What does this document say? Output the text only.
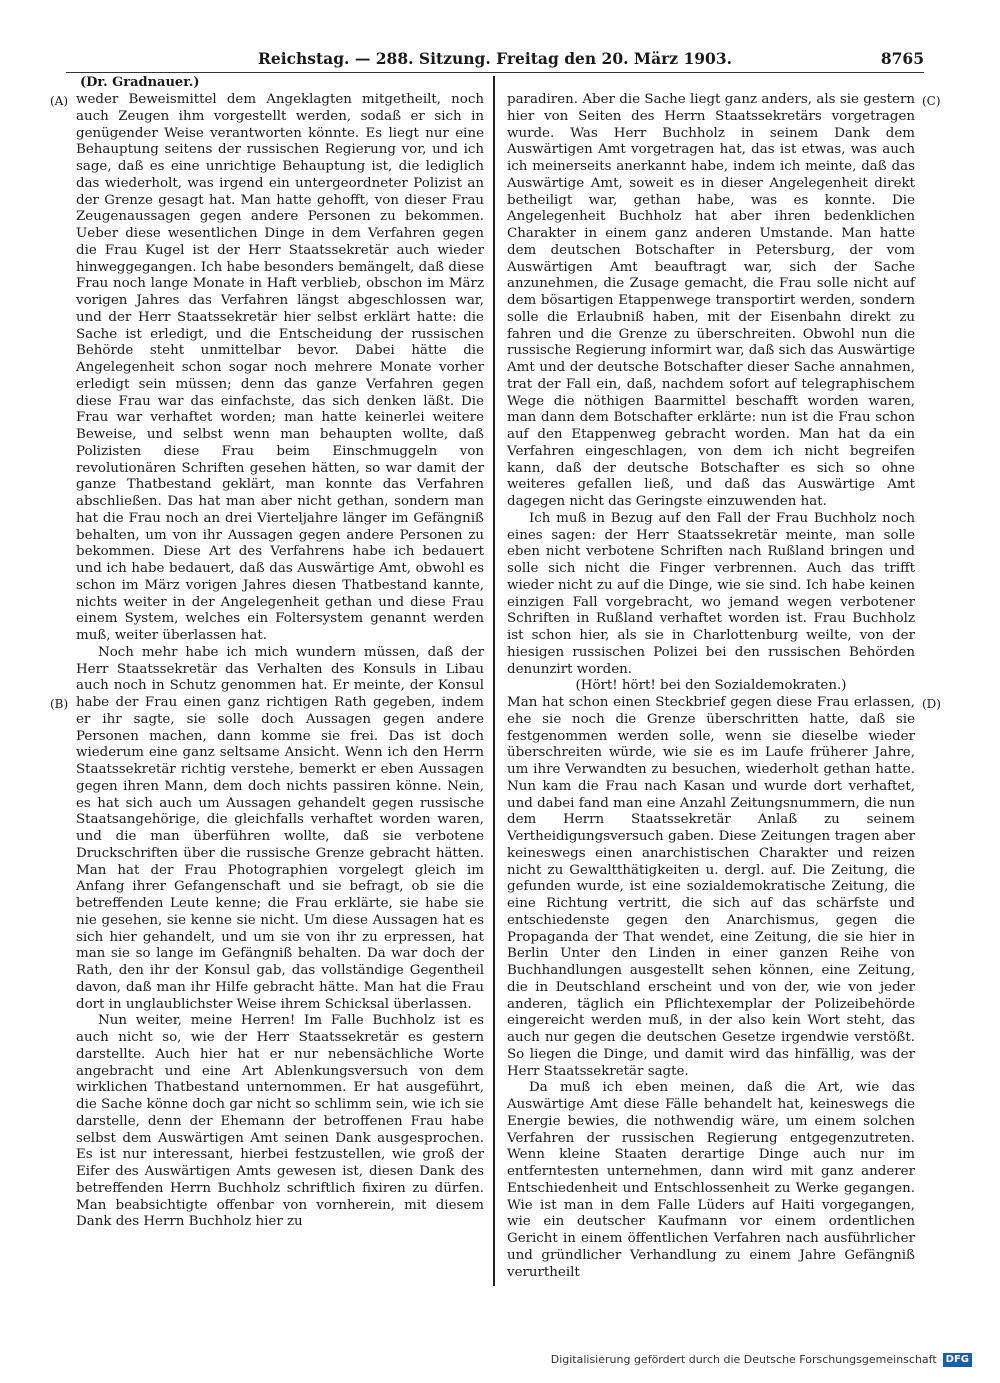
Reichstag. — 288. Sitzung. Freitag den 20. März 1903.	8765
(Dr. Gradnauer.)
(A)
(B)
(C)
(D)

weder Beweismittel dem Angeklagten mitgetheilt, noch auch Zeugen ihm vorgestellt werden, sodaß er sich in genügender Weise verantworten könnte. Es liegt nur eine Behauptung seitens der russischen Regierung vor, und ich sage, daß es eine unrichtige Behauptung ist, die lediglich das wiederholt, was irgend ein untergeordneter Polizist an der Grenze gesagt hat. Man hatte gehofft, von dieser Frau Zeugenaussagen gegen andere Personen zu bekommen. Ueber diese wesentlichen Dinge in dem Verfahren gegen die Frau Kugel ist der Herr Staatssekretär auch wieder hinweggegangen. Ich habe besonders bemängelt, daß diese Frau noch lange Monate in Haft verblieb, obschon im März vorigen Jahres das Verfahren längst abgeschlossen war, und der Herr Staatssekretär hier selbst erklärt hatte: die Sache ist erledigt, und die Entscheidung der russischen Behörde steht unmittelbar bevor. Dabei hätte die Angelegenheit schon sogar noch mehrere Monate vorher erledigt sein müssen; denn das ganze Verfahren gegen diese Frau war das einfachste, das sich denken läßt. Die Frau war verhaftet worden; man hatte keinerlei weitere Beweise, und selbst wenn man behaupten wollte, daß Polizisten diese Frau beim Einschmuggeln von revolutionären Schriften gesehen hätten, so war damit der ganze Thatbestand geklärt, man konnte das Verfahren abschließen. Das hat man aber nicht gethan, sondern man hat die Frau noch an drei Vierteljahre länger im Gefängniß behalten, um von ihr Aussagen gegen andere Personen zu bekommen. Diese Art des Verfahrens habe ich bedauert und ich habe bedauert, daß das Auswärtige Amt, obwohl es schon im März vorigen Jahres diesen Thatbestand kannte, nichts weiter in der Angelegenheit gethan und diese Frau einem System, welches ein Foltersystem genannt werden muß, weiter überlassen hat.

Noch mehr habe ich mich wundern müssen, daß der Herr Staatssekretär das Verhalten des Konsuls in Libau auch noch in Schutz genommen hat. Er meinte, der Konsul habe der Frau einen ganz richtigen Rath gegeben, indem er ihr sagte, sie solle doch Aussagen gegen andere Personen machen, dann komme sie frei. Das ist doch wiederum eine ganz seltsame Ansicht. Wenn ich den Herrn Staatssekretär richtig verstehe, bemerkt er eben Aussagen gegen ihren Mann, dem doch nichts passiren könne. Nein, es hat sich auch um Aussagen gehandelt gegen russische Staatsangehörige, die gleichfalls verhaftet worden waren, und die man überführen wollte, daß sie verbotene Druckschriften über die russische Grenze gebracht hätten. Man hat der Frau Photographien vorgelegt gleich im Anfang ihrer Gefangenschaft und sie befragt, ob sie die betreffenden Leute kenne; die Frau erklärte, sie habe sie nie gesehen, sie kenne sie nicht. Um diese Aussagen hat es sich hier gehandelt, und um sie von ihr zu erpressen, hat man sie so lange im Gefängniß behalten. Da war doch der Rath, den ihr der Konsul gab, das vollständige Gegentheil davon, daß man ihr Hilfe gebracht hätte. Man hat die Frau dort in unglaublichster Weise ihrem Schicksal überlassen.

Nun weiter, meine Herren! Im Falle Buchholz ist es auch nicht so, wie der Herr Staatssekretär es gestern darstellte. Auch hier hat er nur nebensächliche Worte angebracht und eine Art Ablenkungsversuch von dem wirklichen Thatbestand unternommen. Er hat ausgeführt, die Sache könne doch gar nicht so schlimm sein, wie ich sie darstelle, denn der Ehemann der betroffenen Frau habe selbst dem Auswärtigen Amt seinen Dank ausgesprochen. Es ist nur interessant, hierbei festzustellen, wie groß der Eifer des Auswärtigen Amts gewesen ist, diesen Dank des betreffenden Herrn Buchholz schriftlich fixiren zu dürfen. Man beabsichtigte offenbar von vornherein, mit diesem Dank des Herrn Buchholz hier zu

paradiren. Aber die Sache liegt ganz anders, als sie gestern hier von Seiten des Herrn Staatssekretärs vorgetragen wurde. Was Herr Buchholz in seinem Dank dem Auswärtigen Amt vorgetragen hat, das ist etwas, was auch ich meinerseits anerkannt habe, indem ich meinte, daß das Auswärtige Amt, soweit es in dieser Angelegenheit direkt betheiligt war, gethan habe, was es konnte. Die Angelegenheit Buchholz hat aber ihren bedenklichen Charakter in einem ganz anderen Umstande. Man hatte dem deutschen Botschafter in Petersburg, der vom Auswärtigen Amt beauftragt war, sich der Sache anzunehmen, die Zusage gemacht, die Frau solle nicht auf dem bösartigen Etappenwege transportirt werden, sondern solle die Erlaubniß haben, mit der Eisenbahn direkt zu fahren und die Grenze zu überschreiten. Obwohl nun die russische Regierung informirt war, daß sich das Auswärtige Amt und der deutsche Botschafter dieser Sache annahmen, trat der Fall ein, daß, nachdem sofort auf telegraphischem Wege die nöthigen Baarmittel beschafft worden waren, man dann dem Botschafter erklärte: nun ist die Frau schon auf den Etappenweg gebracht worden. Man hat da ein Verfahren eingeschlagen, von dem ich nicht begreifen kann, daß der deutsche Botschafter es sich so ohne weiteres gefallen ließ, und daß das Auswärtige Amt dagegen nicht das Geringste einzuwenden hat.

Ich muß in Bezug auf den Fall der Frau Buchholz noch eines sagen: der Herr Staatssekretär meinte, man solle eben nicht verbotene Schriften nach Rußland bringen und solle sich nicht die Finger verbrennen. Auch das trifft wieder nicht zu auf die Dinge, wie sie sind. Ich habe keinen einzigen Fall vorgebracht, wo jemand wegen verbotener Schriften in Rußland verhaftet worden ist. Frau Buchholz ist schon hier, als sie in Charlottenburg weilte, von der hiesigen russischen Polizei bei den russischen Behörden denunzirt worden.

(Hört! hört! bei den Sozialdemokraten.)

Man hat schon einen Steckbrief gegen diese Frau erlassen, ehe sie noch die Grenze überschritten hatte, daß sie festgenommen werden solle, wenn sie dieselbe wieder überschreiten würde, wie sie es im Laufe früherer Jahre, um ihre Verwandten zu besuchen, wiederholt gethan hatte. Nun kam die Frau nach Kasan und wurde dort verhaftet, und dabei fand man eine Anzahl Zeitungsnummern, die nun dem Herrn Staatssekretär Anlaß zu seinem Vertheidigungsversuch gaben. Diese Zeitungen tragen aber keineswegs einen anarchistischen Charakter und reizen nicht zu Gewaltthätigkeiten u. dergl. auf. Die Zeitung, die gefunden wurde, ist eine sozialdemokratische Zeitung, die eine Richtung vertritt, die sich auf das schärfste und entschiedenste gegen den Anarchismus, gegen die Propaganda der That wendet, eine Zeitung, die sie hier in Berlin Unter den Linden in einer ganzen Reihe von Buchhandlungen ausgestellt sehen können, eine Zeitung, die in Deutschland erscheint und von der, wie von jeder anderen, täglich ein Pflichtexemplar der Polizeibehörde eingereicht werden muß, in der also kein Wort steht, das auch nur gegen die deutschen Gesetze irgendwie verstößt. So liegen die Dinge, und damit wird das hinfällig, was der Herr Staatssekretär sagte.

Da muß ich eben meinen, daß die Art, wie das Auswärtige Amt diese Fälle behandelt hat, keineswegs die Energie bewies, die nothwendig wäre, um einem solchen Verfahren der russischen Regierung entgegenzutreten. Wenn kleine Staaten derartige Dinge auch nur im entferntesten unternehmen, dann wird mit ganz anderer Entschiedenheit und Entschlossenheit zu Werke gegangen. Wie ist man in dem Falle Lüders auf Haiti vorgegangen, wie ein deutscher Kaufmann vor einem ordentlichen Gericht in einem öffentlichen Verfahren nach ausführlicher und gründlicher Verhandlung zu einem Jahre Gefängniß verurtheilt

Digitalisierung gefördert durch die Deutsche Forschungsgemeinschaft DFG
